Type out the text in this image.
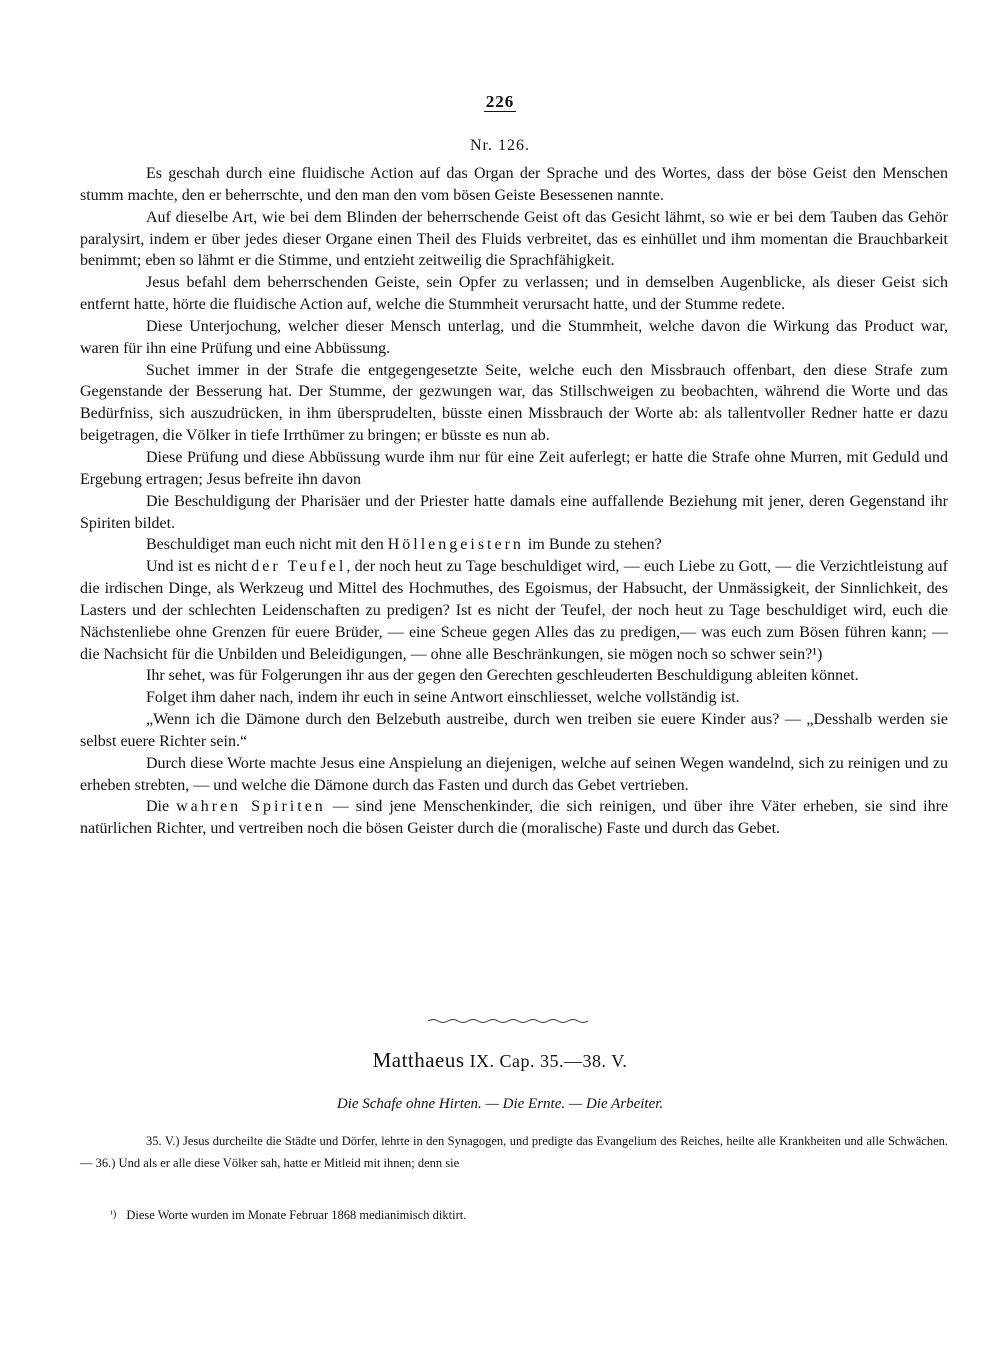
226
Nr. 126.

Es geschah durch eine fluidische Action auf das Organ der Sprache und des Wortes, dass der böse Geist den Menschen stumm machte, den er beherrschte, und den man den vom bösen Geiste Besessenen nannte.

Auf dieselbe Art, wie bei dem Blinden der beherrschende Geist oft das Gesicht lähmt, so wie er bei dem Tauben das Gehör paralysirt, indem er über jedes dieser Organe einen Theil des Fluids verbreitet, das es einhüllet und ihm momentan die Brauchbarkeit benimmt; eben so lähmt er die Stimme, und entzieht zeitweilig die Sprachfähigkeit.

Jesus befahl dem beherrschenden Geiste, sein Opfer zu verlassen; und in demselben Augenblicke, als dieser Geist sich entfernt hatte, hörte die fluidische Action auf, welche die Stummheit verursacht hatte, und der Stumme redete.

Diese Unterjochung, welcher dieser Mensch unterlag, und die Stummheit, welche davon die Wirkung das Product war, waren für ihn eine Prüfung und eine Abbüssung.

Suchet immer in der Strafe die entgegengesetzte Seite, welche euch den Missbrauch offenbart, den diese Strafe zum Gegenstande der Besserung hat. Der Stumme, der gezwungen war, das Stillschweigen zu beobachten, während die Worte und das Bedürfniss, sich auszudrücken, in ihm übersprudelten, büsste einen Missbrauch der Worte ab: als tallentvoller Redner hatte er dazu beigetragen, die Völker in tiefe Irrthümer zu bringen; er büsste es nun ab.

Diese Prüfung und diese Abbüssung wurde ihm nur für eine Zeit auferlegt; er hatte die Strafe ohne Murren, mit Geduld und Ergebung ertragen; Jesus befreite ihn davon

Die Beschuldigung der Pharisäer und der Priester hatte damals eine auffallende Beziehung mit jener, deren Gegenstand ihr Spiriten bildet.

Beschuldiget man euch nicht mit den Höllengeistern im Bunde zu stehen?

Und ist es nicht der Teufel, der noch heut zu Tage beschuldiget wird, — euch Liebe zu Gott, — die Verzichtleistung auf die irdischen Dinge, als Werkzeug und Mittel des Hochmuthes, des Egoismus, der Habsucht, der Unmässigkeit, der Sinnlichkeit, des Lasters und der schlechten Leidenschaften zu predigen? Ist es nicht der Teufel, der noch heut zu Tage beschuldiget wird, euch die Nächstenliebe ohne Grenzen für euere Brüder, — eine Scheue gegen Alles das zu predigen,— was euch zum Bösen führen kann; — die Nachsicht für die Unbilden und Beleidigungen, — ohne alle Beschränkungen, sie mögen noch so schwer sein?¹)

Ihr sehet, was für Folgerungen ihr aus der gegen den Gerechten geschleuderten Beschuldigung ableiten könnet.

Folget ihm daher nach, indem ihr euch in seine Antwort einschliesset, welche vollständig ist.

„Wenn ich die Dämone durch den Belzebuth austreibe, durch wen treiben sie euere Kinder aus? — „Desshalb werden sie selbst euere Richter sein.“

Durch diese Worte machte Jesus eine Anspielung an diejenigen, welche auf seinen Wegen wandelnd, sich zu reinigen und zu erheben strebten, — und welche die Dämone durch das Fasten und durch das Gebet vertrieben.

Die wahren Spiriten — sind jene Menschenkinder, die sich reinigen, und über ihre Väter erheben, sie sind ihre natürlichen Richter, und vertreiben noch die bösen Geister durch die (moralische) Faste und durch das Gebet.

Matthaeus IX. Cap. 35.—38. V.
Die Schafe ohne Hirten. — Die Ernte. — Die Arbeiter.

35. V.) Jesus durcheilte die Städte und Dörfer, lehrte in den Synagogen, und predigte das Evangelium des Reiches, heilte alle Krankheiten und alle Schwächen. — 36.) Und als er alle diese Völker sah, hatte er Mitleid mit ihnen; denn sie

$^{^1)}$ Diese Worte wurden im Monate Februar 1868 medianimisch diktirt.
